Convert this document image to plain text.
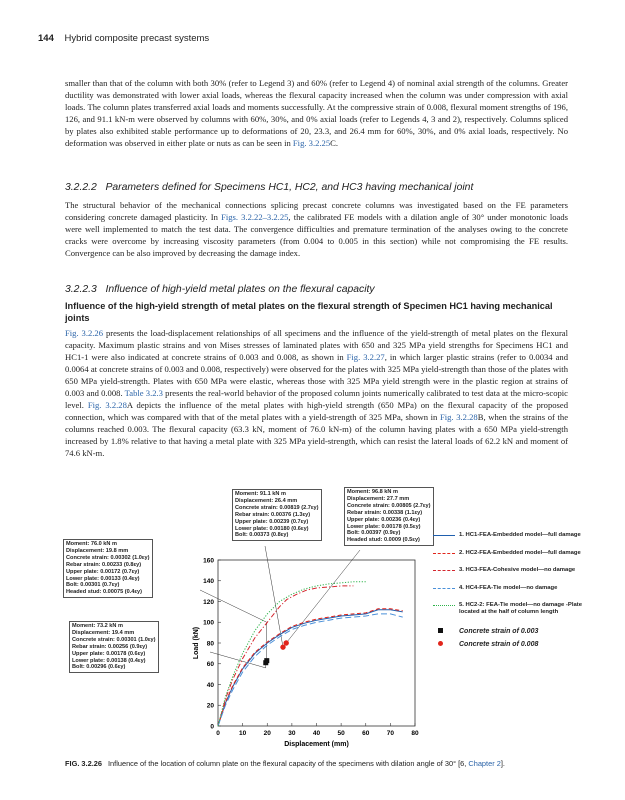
144 Hybrid composite precast systems

smaller than that of the column with both 30% (refer to Legend 3) and 60% (refer to Legend 4) of nominal axial strength of the columns. Greater ductility was demonstrated with lower axial loads, whereas the flexural capacity increased when the column was under compression with axial loads. The column plates transferred axial loads and moments successfully. At the compressive strain of 0.008, flexural moment strengths of 196, 126, and 91.1 kN-m were observed by columns with 60%, 30%, and 0% axial loads (refer to Legends 4, 3 and 2), respectively. Columns spliced by plates also exhibited stable performance up to deformations of 20, 23.3, and 26.4 mm for 60%, 30%, and 0% axial loads, respectively. No deformation was observed in either plate or nuts as can be seen in Fig. 3.2.25C.

3.2.2.2 Parameters defined for Specimens HC1, HC2, and HC3 having mechanical joint

The structural behavior of the mechanical connections splicing precast concrete columns was investigated based on the FE parameters considering concrete damaged plasticity. In Figs. 3.2.22–3.2.25, the calibrated FE models with a dilation angle of 30° under monotonic loads were well implemented to match the test data. The convergence difficulties and premature termination of the analyses owing to the concrete cracks were overcome by increasing viscosity parameters (from 0.004 to 0.005 in this section) while not compromising the FE results. Convergence can be also improved by decreasing the damage index.

3.2.2.3 Influence of high-yield metal plates on the flexural capacity
Influence of the high-yield strength of metal plates on the flexural strength of Specimen HC1 having mechanical joints

Fig. 3.2.26 presents the load-displacement relationships of all specimens and the influence of the yield-strength of metal plates on the flexural capacity. Maximum plastic strains and von Mises stresses of laminated plates with 650 and 325 MPa yield strengths for Specimens HC1 and HC1-1 were also indicated at concrete strains of 0.003 and 0.008, as shown in Fig. 3.2.27, in which larger plastic strains (refer to 0.0034 and 0.0064 at concrete strains of 0.003 and 0.008, respectively) were observed for the plates with 325 MPa yield-strength than those of the plates with 650 MPa yield-strength. Plates with 650 MPa were elastic, whereas those with 325 MPa yield strength were in the plastic region at strains of 0.003 and 0.008. Table 3.2.3 presents the real-world behavior of the proposed column joints numerically calibrated to test data at the micro-scopic level. Fig. 3.2.28A depicts the influence of the metal plates with high-yield strength (650 MPa) on the flexural capacity of the proposed connection, which was compared with that of the metal plates with a yield-strength of 325 MPa, shown in Fig. 3.2.28B, when the strains of the columns reached 0.003. The flexural capacity (63.3 kN, moment of 76.0 kN-m) of the column having plates with a 650 MPa yield-strength increased by 1.8% relative to that having a metal plate with 325 MPa yield-strength, which can resist the lateral loads of 62.2 kN and moment of 74.6 kN-m.

0	10	20	30	40	50	60	70	80
0
20
40
60
80
100
120
140
160
Displacement (mm)
Load (kN)
Moment: 91.1 kN m
Displacement: 26.4 mm
Concrete strain: 0.00819 (2.7εy)
Rebar strain: 0.00376 (1.3εy)
Upper plate: 0.00239 (0.7εy)
Lower plate: 0.00180 (0.6εy)
Bolt: 0.00373 (0.8εy)
Moment: 96.8 kN m
Displacement: 27.7 mm
Concrete strain: 0.00805 (2.7εy)
Rebar strain: 0.00338 (1.1εy)
Upper plate: 0.00236 (0.4εy)
Lower plate: 0.00178 (0.5εy)
Bolt: 0.00397 (0.9εy)
Headed stud: 0.0009 (0.5εy)
Moment: 76.0 kN m
Displacement: 19.8 mm
Concrete strain: 0.00302 (1.0εy)
Rebar strain: 0.00233 (0.8εy)
Upper plate: 0.00172 (0.7εy)
Lower plate: 0.00133 (0.4εy)
Bolt: 0.00301 (0.7εy)
Headed stud: 0.00075 (0.4εy)
Moment: 73.2 kN m
Displacement: 19.4 mm
Concrete strain: 0.00301 (1.0εy)
Rebar strain: 0.00256 (0.9εy)
Upper plate: 0.00178 (0.6εy)
Lower plate: 0.00138 (0.4εy)
Bolt: 0.00296 (0.6εy)
1. HC1-FEA-Embedded model—full damage
2. HC2-FEA-Embedded model—full damage
3. HC3-FEA-Cohesive model—no damage
4. HC4-FEA-Tie model—no damage
5. HC2-2: FEA-Tie model—no damage -Plate located at the half of column length
Concrete strain of 0.003
Concrete strain of 0.008
FIG. 3.2.26 Influence of the location of column plate on the flexural capacity of the specimens with dilation angle of 30° [6, Chapter 2].
